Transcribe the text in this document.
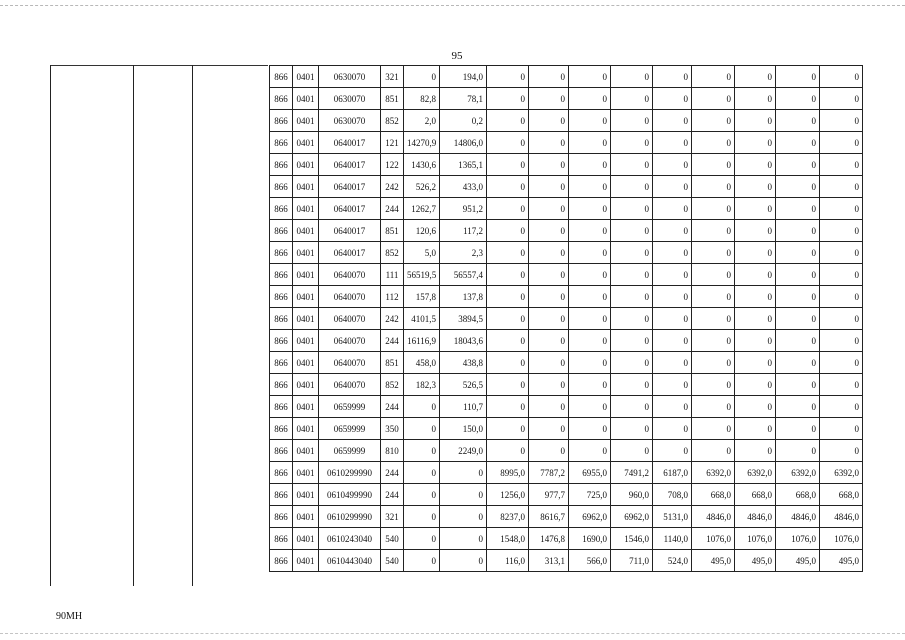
95
866	0401	0630070	321	0	194,0	0	0	0	0	0	0	0	0	0
866	0401	0630070	851	82,8	78,1	0	0	0	0	0	0	0	0	0
866	0401	0630070	852	2,0	0,2	0	0	0	0	0	0	0	0	0
866	0401	0640017	121	14270,9	14806,0	0	0	0	0	0	0	0	0	0
866	0401	0640017	122	1430,6	1365,1	0	0	0	0	0	0	0	0	0
866	0401	0640017	242	526,2	433,0	0	0	0	0	0	0	0	0	0
866	0401	0640017	244	1262,7	951,2	0	0	0	0	0	0	0	0	0
866	0401	0640017	851	120,6	117,2	0	0	0	0	0	0	0	0	0
866	0401	0640017	852	5,0	2,3	0	0	0	0	0	0	0	0	0
866	0401	0640070	111	56519,5	56557,4	0	0	0	0	0	0	0	0	0
866	0401	0640070	112	157,8	137,8	0	0	0	0	0	0	0	0	0
866	0401	0640070	242	4101,5	3894,5	0	0	0	0	0	0	0	0	0
866	0401	0640070	244	16116,9	18043,6	0	0	0	0	0	0	0	0	0
866	0401	0640070	851	458,0	438,8	0	0	0	0	0	0	0	0	0
866	0401	0640070	852	182,3	526,5	0	0	0	0	0	0	0	0	0
866	0401	0659999	244	0	110,7	0	0	0	0	0	0	0	0	0
866	0401	0659999	350	0	150,0	0	0	0	0	0	0	0	0	0
866	0401	0659999	810	0	2249,0	0	0	0	0	0	0	0	0	0
866	0401	0610299990	244	0	0	8995,0	7787,2	6955,0	7491,2	6187,0	6392,0	6392,0	6392,0	6392,0
866	0401	0610499990	244	0	0	1256,0	977,7	725,0	960,0	708,0	668,0	668,0	668,0	668,0
866	0401	0610299990	321	0	0	8237,0	8616,7	6962,0	6962,0	5131,0	4846,0	4846,0	4846,0	4846,0
866	0401	0610243040	540	0	0	1548,0	1476,8	1690,0	1546,0	1140,0	1076,0	1076,0	1076,0	1076,0
866	0401	0610443040	540	0	0	116,0	313,1	566,0	711,0	524,0	495,0	495,0	495,0	495,0
90MH
